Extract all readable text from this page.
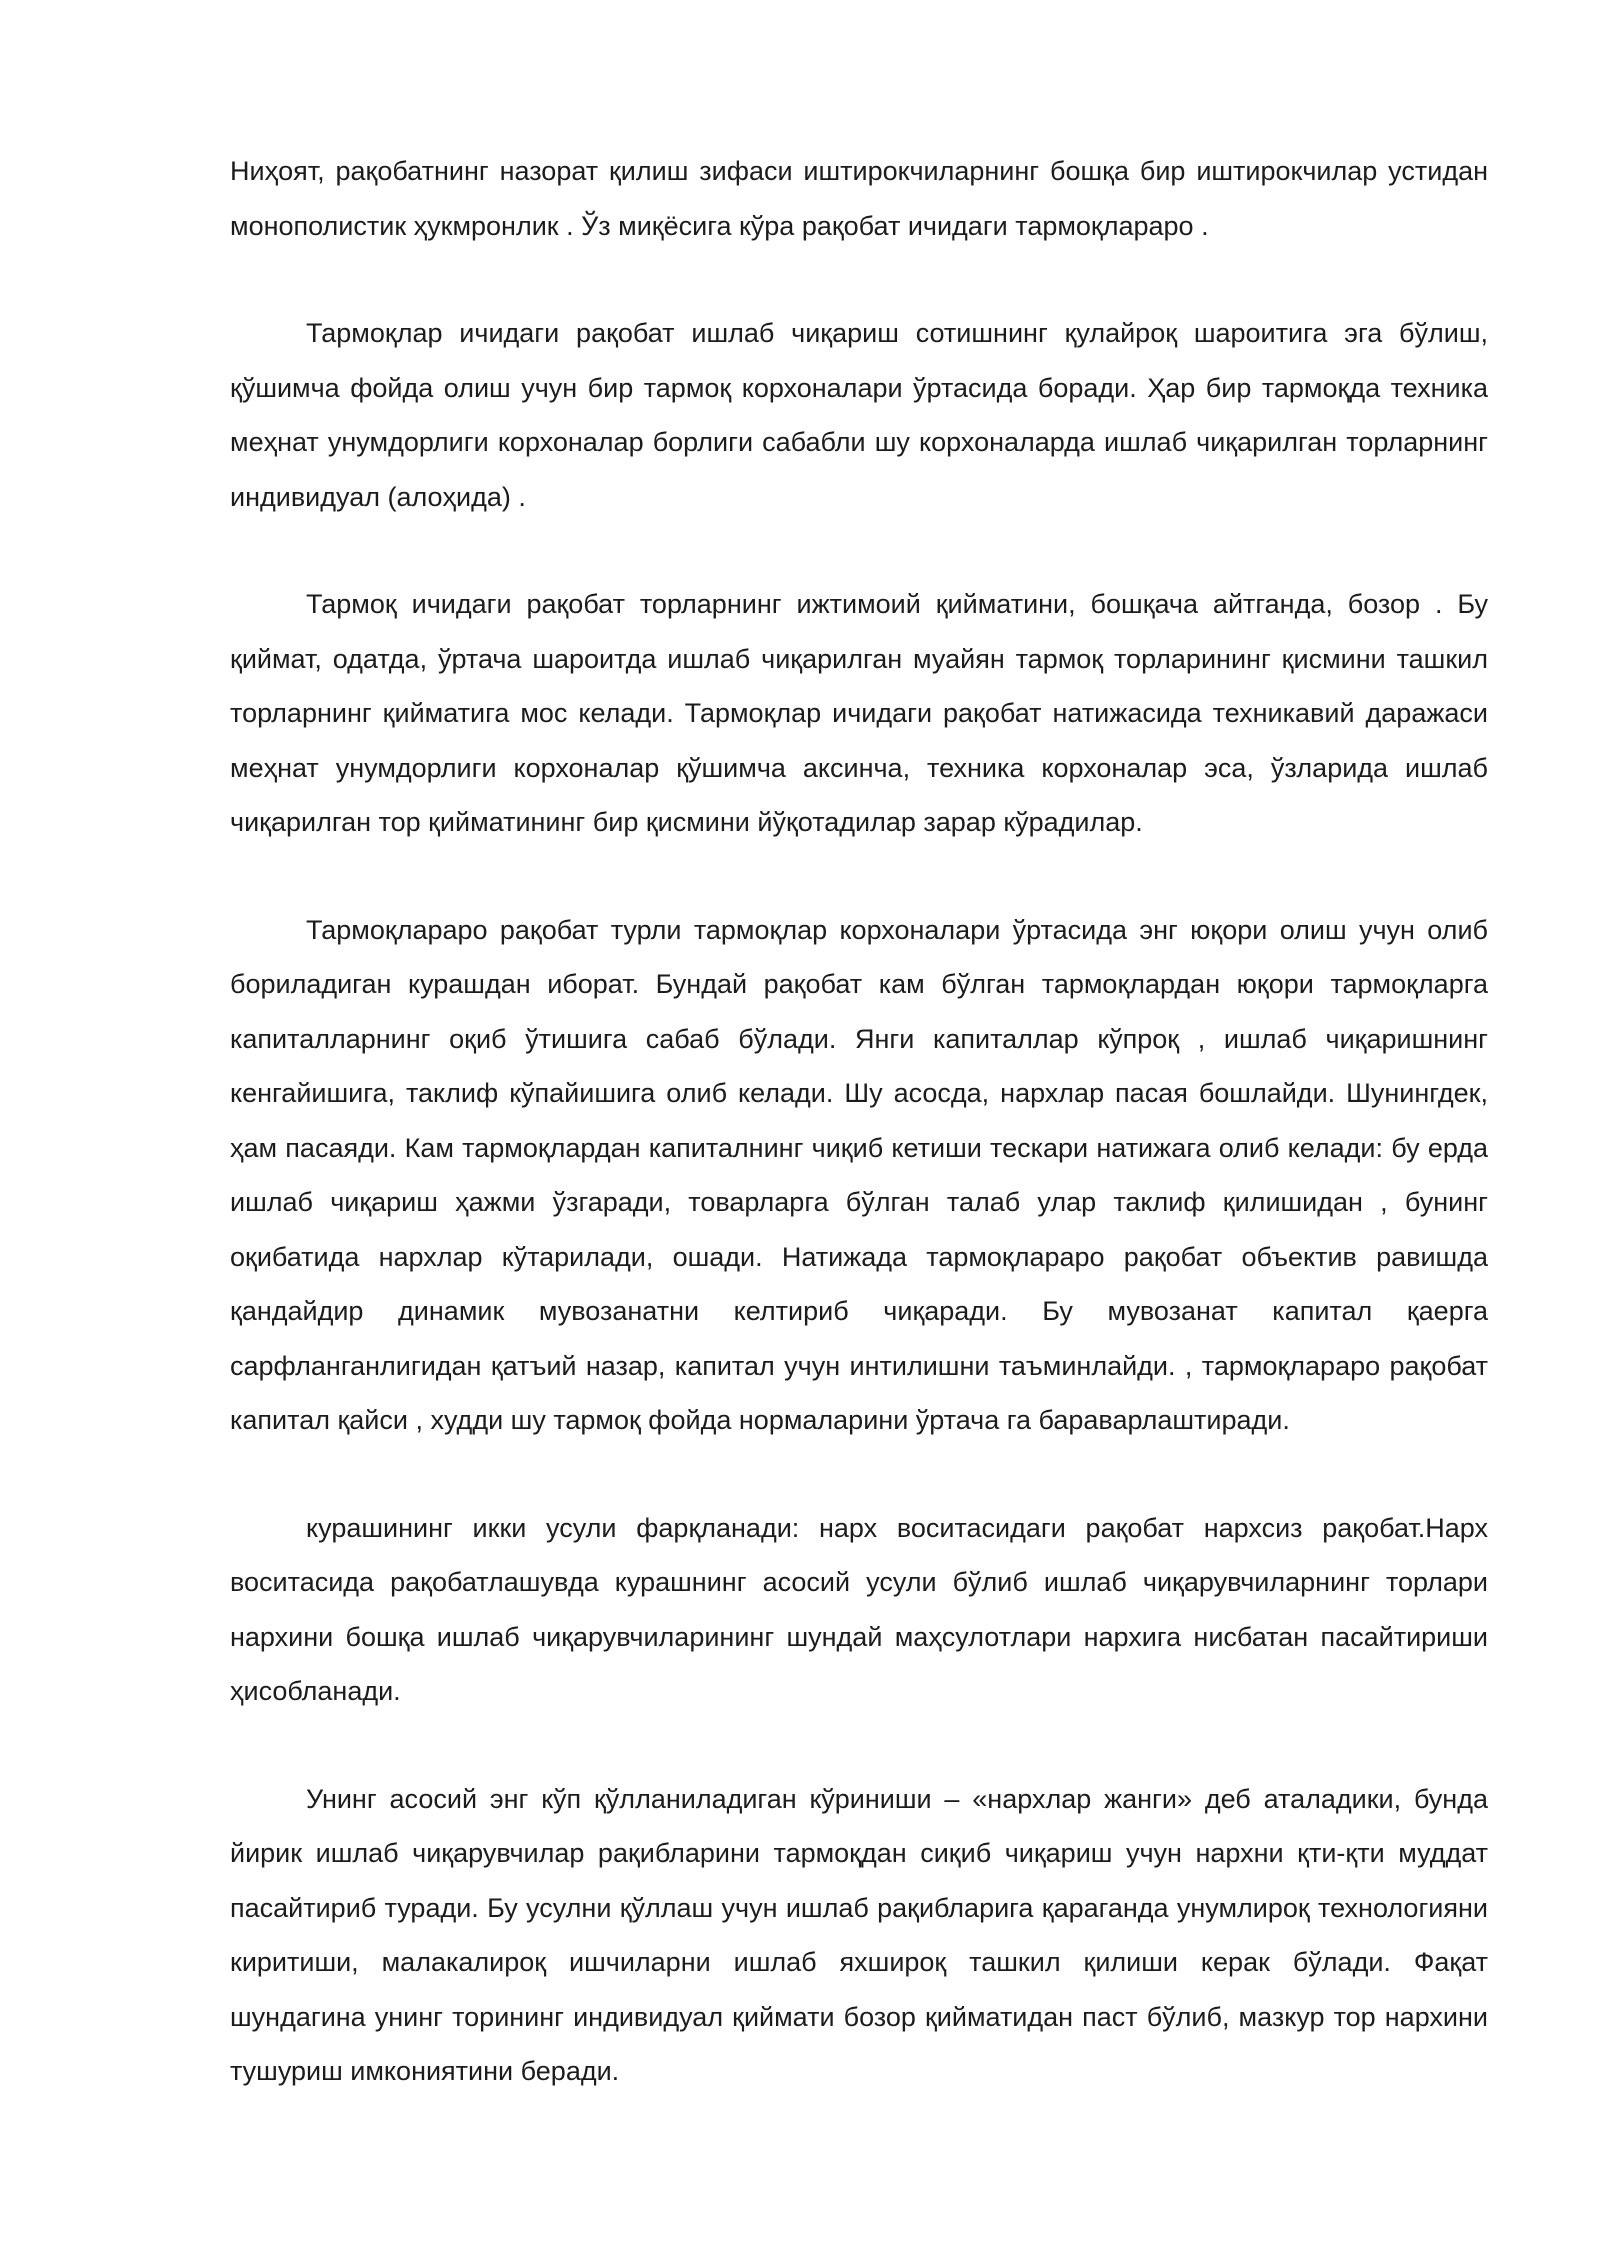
Ниҳоят, рақобатнинг назорат қилиш зифаси иштирокчиларнинг бошқа бир иштирокчилар устидан монополистик ҳукмронлик . Ўз миқёсига кўра рақобат ичидаги тармоқлараро .

Тармоқлар ичидаги рақобат ишлаб чиқариш сотишнинг қулайроқ шароитига эга бўлиш, қўшимча фойда олиш учун бир тармоқ корхоналари ўртасида боради. Ҳар бир тармоқда техника меҳнат унумдорлиги корхоналар борлиги сабабли шу корхоналарда ишлаб чиқарилган торларнинг индивидуал (алоҳида) .

Тармоқ ичидаги рақобат торларнинг ижтимоий қийматини, бошқача айтганда, бозор . Бу қиймат, одатда, ўртача шароитда ишлаб чиқарилган муайян тармоқ торларининг қисмини ташкил торларнинг қийматига мос келади. Тармоқлар ичидаги рақобат натижасида техникавий даражаси меҳнат унумдорлиги корхоналар қўшимча аксинча, техника корхоналар эса, ўзларида ишлаб чиқарилган тор қийматининг бир қисмини йўқотадилар зарар кўрадилар.

Тармоқлараро рақобат турли тармоқлар корхоналари ўртасида энг юқори олиш учун олиб бориладиган курашдан иборат. Бундай рақобат кам бўлган тармоқлардан юқори тармоқларга капиталларнинг оқиб ўтишига сабаб бўлади. Янги капиталлар кўпроқ , ишлаб чиқаришнинг кенгайишига, таклиф кўпайишига олиб келади. Шу асосда, нархлар пасая бошлайди. Шунингдек, ҳам пасаяди. Кам тармоқлардан капиталнинг чиқиб кетиши тескари натижага олиб келади: бу ерда ишлаб чиқариш ҳажми ўзгаради, товарларга бўлган талаб улар таклиф қилишидан , бунинг оқибатида нархлар кўтарилади, ошади. Натижада тармоқлараро рақобат объектив равишда қандайдир динамик мувозанатни келтириб чиқаради. Бу мувозанат капитал қаерга сарфланганлигидан қатъий назар, капитал учун интилишни таъминлайди. , тармоқлараро рақобат капитал қайси , худди шу тармоқ фойда нормаларини ўртача га бараварлаштиради.

курашининг икки усули фарқланади: нарх воситасидаги рақобат нархсиз рақобат.Нарх воситасида рақобатлашувда курашнинг асосий усули бўлиб ишлаб чиқарувчиларнинг торлари нархини бошқа ишлаб чиқарувчиларининг шундай маҳсулотлари нархига нисбатан пасайтириши ҳисобланади.

Унинг асосий энг кўп қўлланиладиган кўриниши – «нархлар жанги» деб аталадики, бунда йирик ишлаб чиқарувчилар рақибларини тармоқдан сиқиб чиқариш учун нархни қти-қти муддат пасайтириб туради. Бу усулни қўллаш учун ишлаб рақибларига қараганда унумлироқ технологияни киритиши, малакалироқ ишчиларни ишлаб яхшироқ ташкил қилиши керак бўлади. Фақат шундагина унинг торининг индивидуал қиймати бозор қийматидан паст бўлиб, мазкур тор нархини тушуриш имкониятини беради.
